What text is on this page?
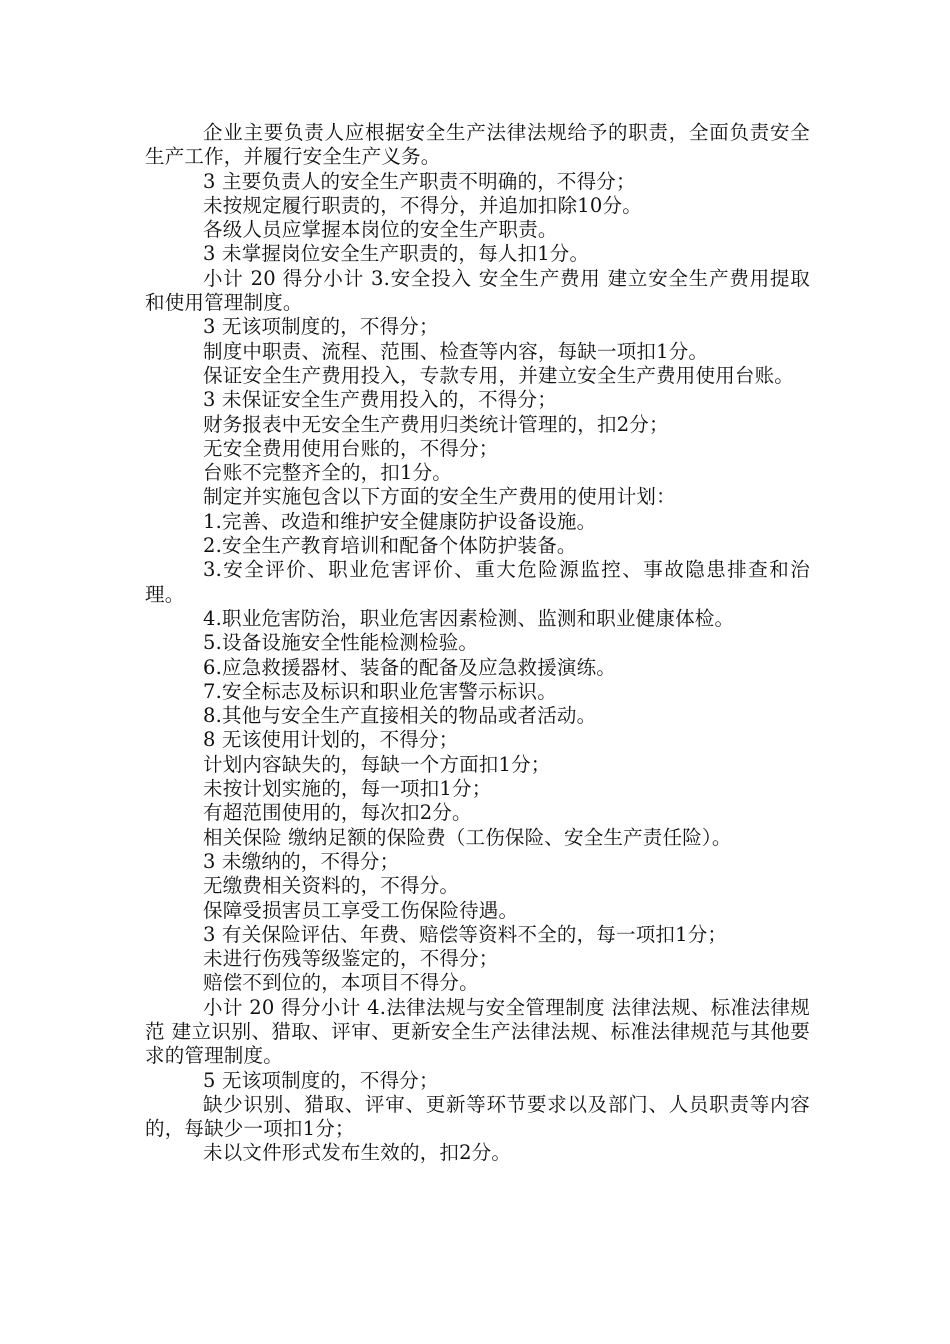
企业主要负责人应根据安全生产法律法规给予的职责，全面负责安全生产工作，并履行安全生产义务。

3 主要负责人的安全生产职责不明确的，不得分；

未按规定履行职责的，不得分，并追加扣除10分。

各级人员应掌握本岗位的安全生产职责。

3 未掌握岗位安全生产职责的，每人扣1分。

小计 20 得分小计 3.安全投入 安全生产费用 建立安全生产费用提取和使用管理制度。

3 无该项制度的，不得分；

制度中职责、流程、范围、检查等内容，每缺一项扣1分。

保证安全生产费用投入，专款专用，并建立安全生产费用使用台账。

3 未保证安全生产费用投入的，不得分；

财务报表中无安全生产费用归类统计管理的，扣2分；

无安全费用使用台账的，不得分；

台账不完整齐全的，扣1分。

制定并实施包含以下方面的安全生产费用的使用计划：

1.完善、改造和维护安全健康防护设备设施。

2.安全生产教育培训和配备个体防护装备。

3.安全评价、职业危害评价、重大危险源监控、事故隐患排查和治理。

4.职业危害防治，职业危害因素检测、监测和职业健康体检。

5.设备设施安全性能检测检验。

6.应急救援器材、装备的配备及应急救援演练。

7.安全标志及标识和职业危害警示标识。

8.其他与安全生产直接相关的物品或者活动。

8 无该使用计划的，不得分；

计划内容缺失的，每缺一个方面扣1分；

未按计划实施的，每一项扣1分；

有超范围使用的，每次扣2分。

相关保险 缴纳足额的保险费（工伤保险、安全生产责任险）。

3 未缴纳的，不得分；

无缴费相关资料的，不得分。

保障受损害员工享受工伤保险待遇。

3 有关保险评估、年费、赔偿等资料不全的，每一项扣1分；

未进行伤残等级鉴定的，不得分；

赔偿不到位的，本项目不得分。

小计 20 得分小计 4.法律法规与安全管理制度 法律法规、标准法律规范 建立识别、猎取、评审、更新安全生产法律法规、标准法律规范与其他要求的管理制度。

5 无该项制度的，不得分；

缺少识别、猎取、评审、更新等环节要求以及部门、人员职责等内容的，每缺少一项扣1分；

未以文件形式发布生效的，扣2分。
